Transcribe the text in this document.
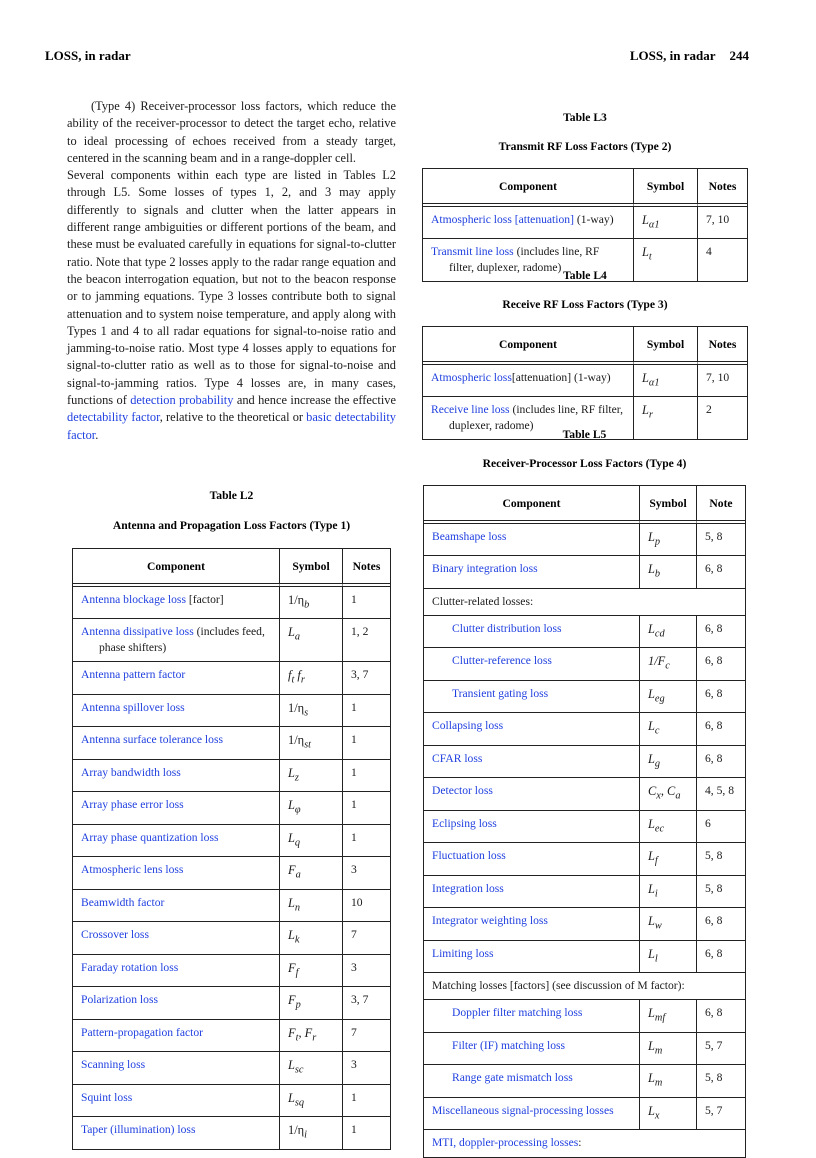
LOSS, in radar	LOSS, in radar 244

(Type 4) Receiver-processor loss factors, which reduce the ability of the receiver-processor to detect the target echo, relative to ideal processing of echoes received from a steady target, centered in the scanning beam and in a range-doppler cell.

Several components within each type are listed in Tables L2 through L5. Some losses of types 1, 2, and 3 may apply differently to signals and clutter when the latter appears in different range ambiguities or different portions of the beam, and these must be evaluated carefully in equations for signal-to-clutter ratio. Note that type 2 losses apply to the radar range equation and the beacon interrogation equation, but not to the beacon response or to jamming equations. Type 3 losses contribute both to signal attenuation and to system noise temperature, and apply along with Types 1 and 4 to all radar equations for signal-to-noise ratio and jamming-to-noise ratio. Most type 4 losses apply to equations for signal-to-clutter ratio as well as to those for signal-to-noise and signal-to-jamming ratios. Type 4 losses are, in many cases, functions of detection probability and hence increase the effective detectability factor, relative to the theoretical or basic detectability factor.

Table L2
Antenna and Propagation Loss Factors (Type 1)
Component	Symbol	Notes
Antenna blockage loss [factor]	$1/\eta_b$	1
Antenna dissipative loss (includes feed, phase shifters)	$L_a$	1, 2
Antenna pattern factor	$f_t$ $f_r$	3, 7
Antenna spillover loss	$1/\eta_s$	1
Antenna surface tolerance loss	$1/\eta_{st}$	1
Array bandwidth loss	$L_z$	1
Array phase error loss	$L_\varphi$	1
Array phase quantization loss	$L_q$	1
Atmospheric lens loss	$F_a$	3
Beamwidth factor	$L_n$	10
Crossover loss	$L_k$	7
Faraday rotation loss	$F_f$	3
Polarization loss	$F_p$	3, 7
Pattern-propagation factor	$F_t$, $F_r$	7
Scanning loss	$L_{sc}$	3
Squint loss	$L_{sq}$	1
Taper (illumination) loss	$1/\eta_i$	1
Table L3
Transmit RF Loss Factors (Type 2)
Component	Symbol	Notes
Atmospheric loss [attenuation] (1-way)	$L_{\alpha 1}$	7, 10
Transmit line loss (includes line, RF filter, duplexer, radome)	$L_t$	4
Table L4
Receive RF Loss Factors (Type 3)
Component	Symbol	Notes
Atmospheric loss[attenuation] (1-way)	$L_{\alpha 1}$	7, 10
Receive line loss (includes line, RF filter, duplexer, radome)	$L_r$	2
Table L5
Receiver-Processor Loss Factors (Type 4)
Component	Symbol	Note
Beamshape loss	$L_p$	5, 8
Binary integration loss	$L_b$	6, 8
Clutter-related losses:		
Clutter distribution loss	$L_{cd}$	6, 8
Clutter-reference loss	$1/F_c$	6, 8
Transient gating loss	$L_{eg}$	6, 8
Collapsing loss	$L_c$	6, 8
CFAR loss	$L_g$	6, 8
Detector loss	$C_x$, $C_a$	4, 5, 8
Eclipsing loss	$L_{ec}$	6
Fluctuation loss	$L_f$	5, 8
Integration loss	$L_i$	5, 8
Integrator weighting loss	$L_w$	6, 8
Limiting loss	$L_l$	6, 8
Matching losses [factors] (see discussion of M factor):		
Doppler filter matching loss	$L_{mf}$	6, 8
Filter (IF) matching loss	$L_m$	5, 7
Range gate mismatch loss	$L_m$	5, 8
Miscellaneous signal-processing losses	$L_x$	5, 7
MTI, doppler-processing losses:		
